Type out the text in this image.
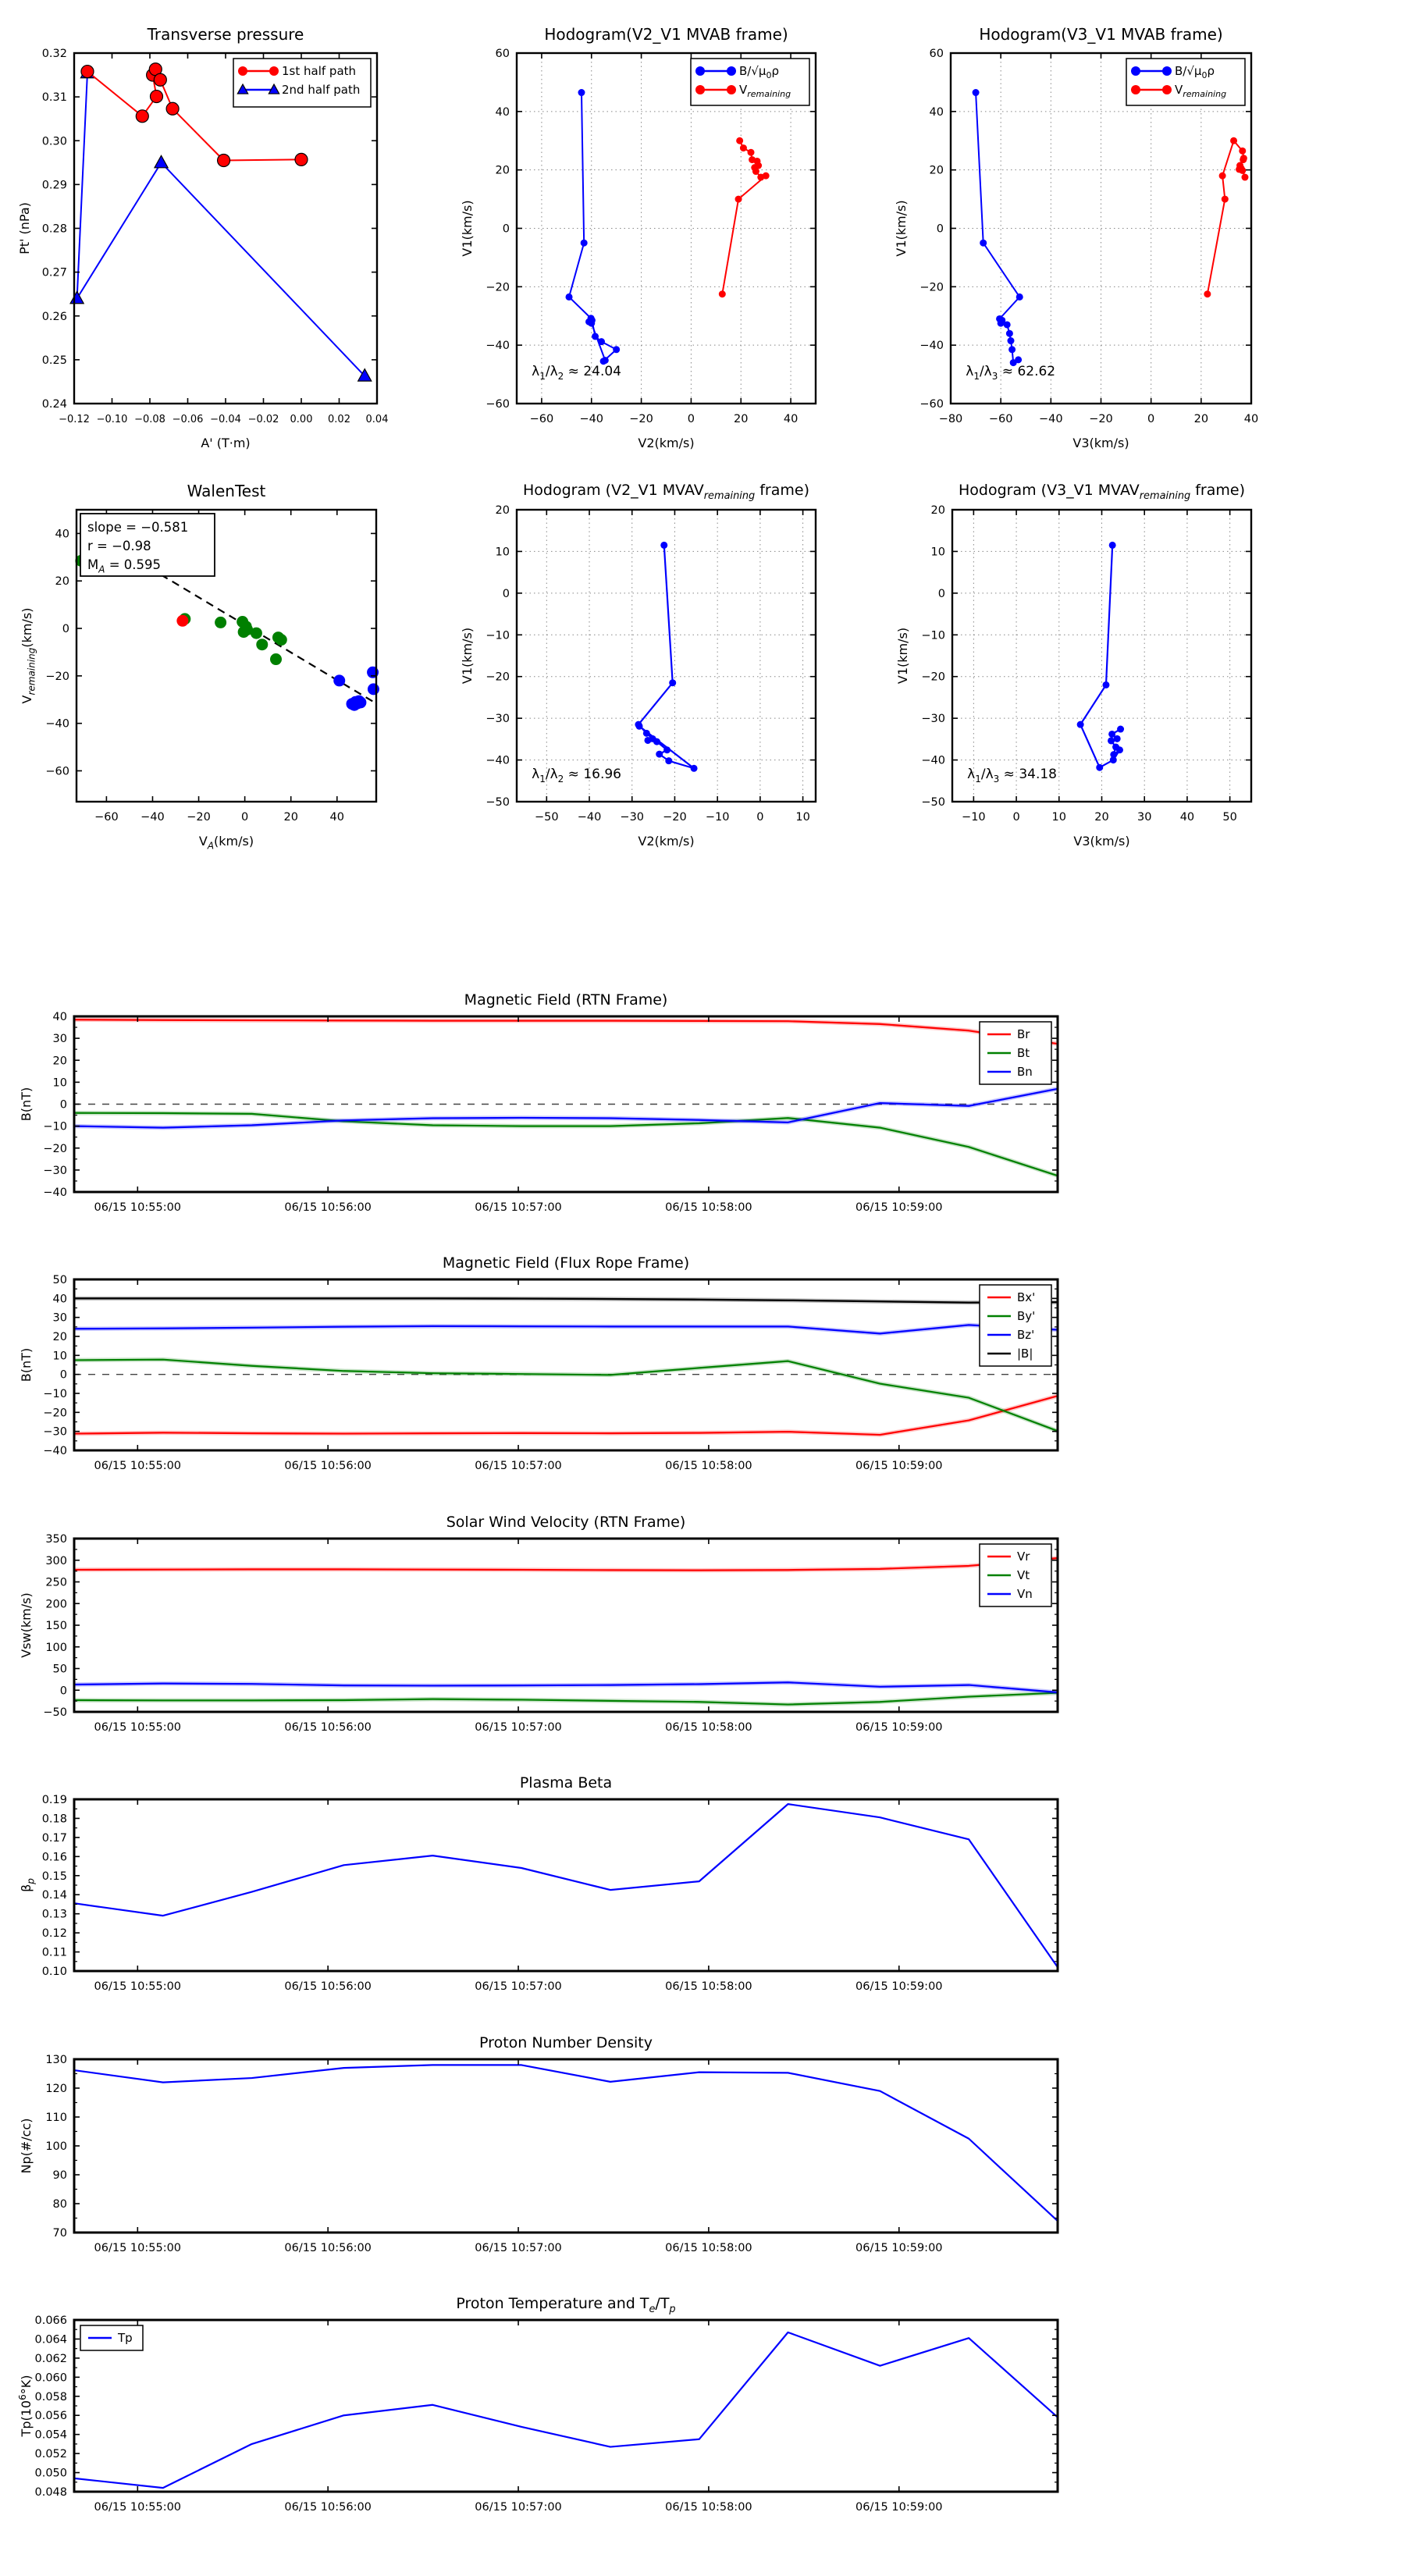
−0.12 −0.10 −0.08 −0.06 −0.04 −0.02 0.00 0.02 0.04
0.24
0.25
0.26
0.27
0.28
0.29
0.30
0.31
0.32
A' (T·m)
Pt' (nPa)
1st half path
2nd half path
−60 −40 −20	0	20	40
−60
−40
−20
0
20
40
60
V2(km/s)
V1(km/s)
$\lambda_1/\lambda_2 \approx 24.04$
$B/√\mu_0\rho$
$V_{remaining}$
−80 −60 −40 −20	0	20	40
−60
−40
−20
0
20
40
60
V3(km/s)
V1(km/s)
$\lambda_1/\lambda_3 \approx 62.62$
$B/√\mu_0\rho$
$V_{remaining}$
−60 −40 −20	0	20	40
−60
−40
−20
0
20
40
$V_A(km/s)$
$V_{remaining}(km/s)$
slope = −0.581
r = −0.98
$M_A = 0.595$
−50 −40 −30 −20 −10 0	10
−50
−40
−30
−20
−10
0
10
20
V2(km/s)
V1(km/s)
$\lambda_1/\lambda_2 \approx 16.96$
−10 0	10	20	30	40	50
−50
−40
−30
−20
−10
0
10
20
V3(km/s)
V1(km/s)
$\lambda_1/\lambda_3 \approx 34.18$
06/15 10:55:00	06/15 10:56:00	06/15 10:57:00	06/15 10:58:00	06/15 10:59:00
−40
−30
−20
−10
0
10
20
30
40
B(nT)
Br
Bt
Bn
06/15 10:55:00	06/15 10:56:00	06/15 10:57:00	06/15 10:58:00	06/15 10:59:00
−40
−30
−20
−10
0
10
20
30
40
50
B(nT)
Bx'
By'
Bz'
|B|
06/15 10:55:00	06/15 10:56:00	06/15 10:57:00	06/15 10:58:00	06/15 10:59:00
−50
0
50
100
150
200
250
300
350
Vsw(km/s)
Vr
Vt
Vn
06/15 10:55:00	06/15 10:56:00	06/15 10:57:00	06/15 10:58:00	06/15 10:59:00
0.10
0.11
0.12
0.13
0.14
0.15
0.16
0.17
0.18
0.19
$\beta_p$
06/15 10:55:00	06/15 10:56:00	06/15 10:57:00	06/15 10:58:00	06/15 10:59:00
70
80
90
100
110
120
130
Np(#/cc)
06/15 10:55:00	06/15 10:56:00	06/15 10:57:00	06/15 10:58:00	06/15 10:59:00
0.048
0.050
0.052
0.054
0.056
0.058
0.060
0.062
0.064
0.066
$Tp(10^6^\circ K)$
Tp
Transverse pressure	Hodogram(V2_V1 MVAB frame)	Hodogram(V3_V1 MVAB frame)
WalenTest	Hodogram (V2_V1 $MVAV_{remaining}$ frame)	Hodogram (V3_V1 $MVAV_{remaining}$ frame)
Magnetic Field (RTN Frame)
Magnetic Field (Flux Rope Frame)
Solar Wind Velocity (RTN Frame)
Plasma Beta
Proton Number Density
Proton Temperature and $T_e/T_p$
